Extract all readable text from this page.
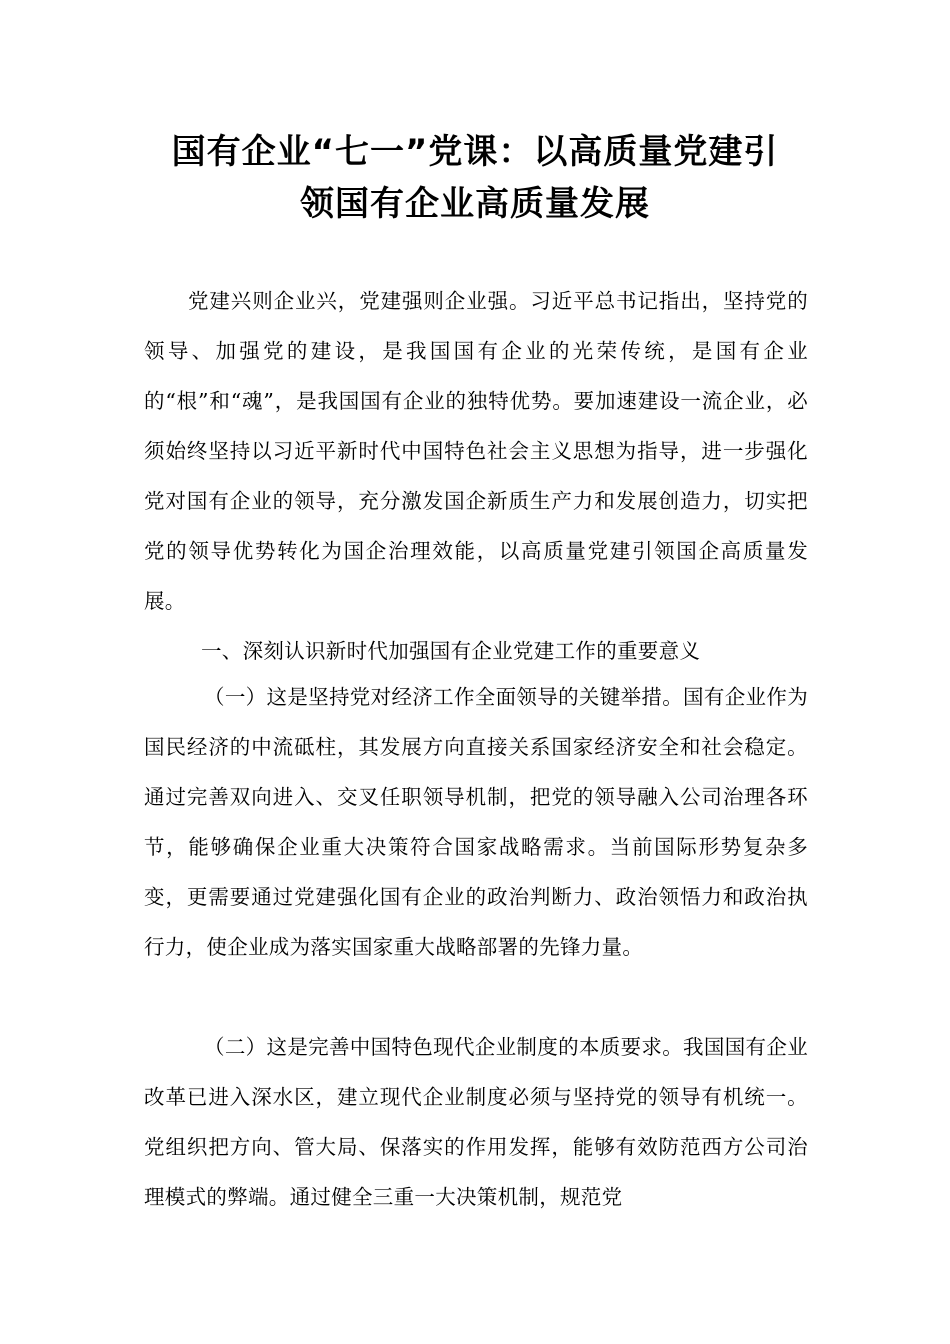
国有企业“七一”党课：以高质量党建引
领国有企业高质量发展

党建兴则企业兴，党建强则企业强。习近平总书记指出，坚持党的领导、加强党的建设，是我国国有企业的光荣传统，是国有企业的“根”和“魂”，是我国国有企业的独特优势。要加速建设一流企业，必须始终坚持以习近平新时代中国特色社会主义思想为指导，进一步强化党对国有企业的领导，充分激发国企新质生产力和发展创造力，切实把党的领导优势转化为国企治理效能，以高质量党建引领国企高质量发展。

一、深刻认识新时代加强国有企业党建工作的重要意义

（一）这是坚持党对经济工作全面领导的关键举措。国有企业作为国民经济的中流砥柱，其发展方向直接关系国家经济安全和社会稳定。通过完善双向进入、交叉任职领导机制，把党的领导融入公司治理各环节，能够确保企业重大决策符合国家战略需求。当前国际形势复杂多变，更需要通过党建强化国有企业的政治判断力、政治领悟力和政治执行力，使企业成为落实国家重大战略部署的先锋力量。

（二）这是完善中国特色现代企业制度的本质要求。我国国有企业改革已进入深水区，建立现代企业制度必须与坚持党的领导有机统一。党组织把方向、管大局、保落实的作用发挥，能够有效防范西方公司治理模式的弊端。通过健全三重一大决策机制，规范党
